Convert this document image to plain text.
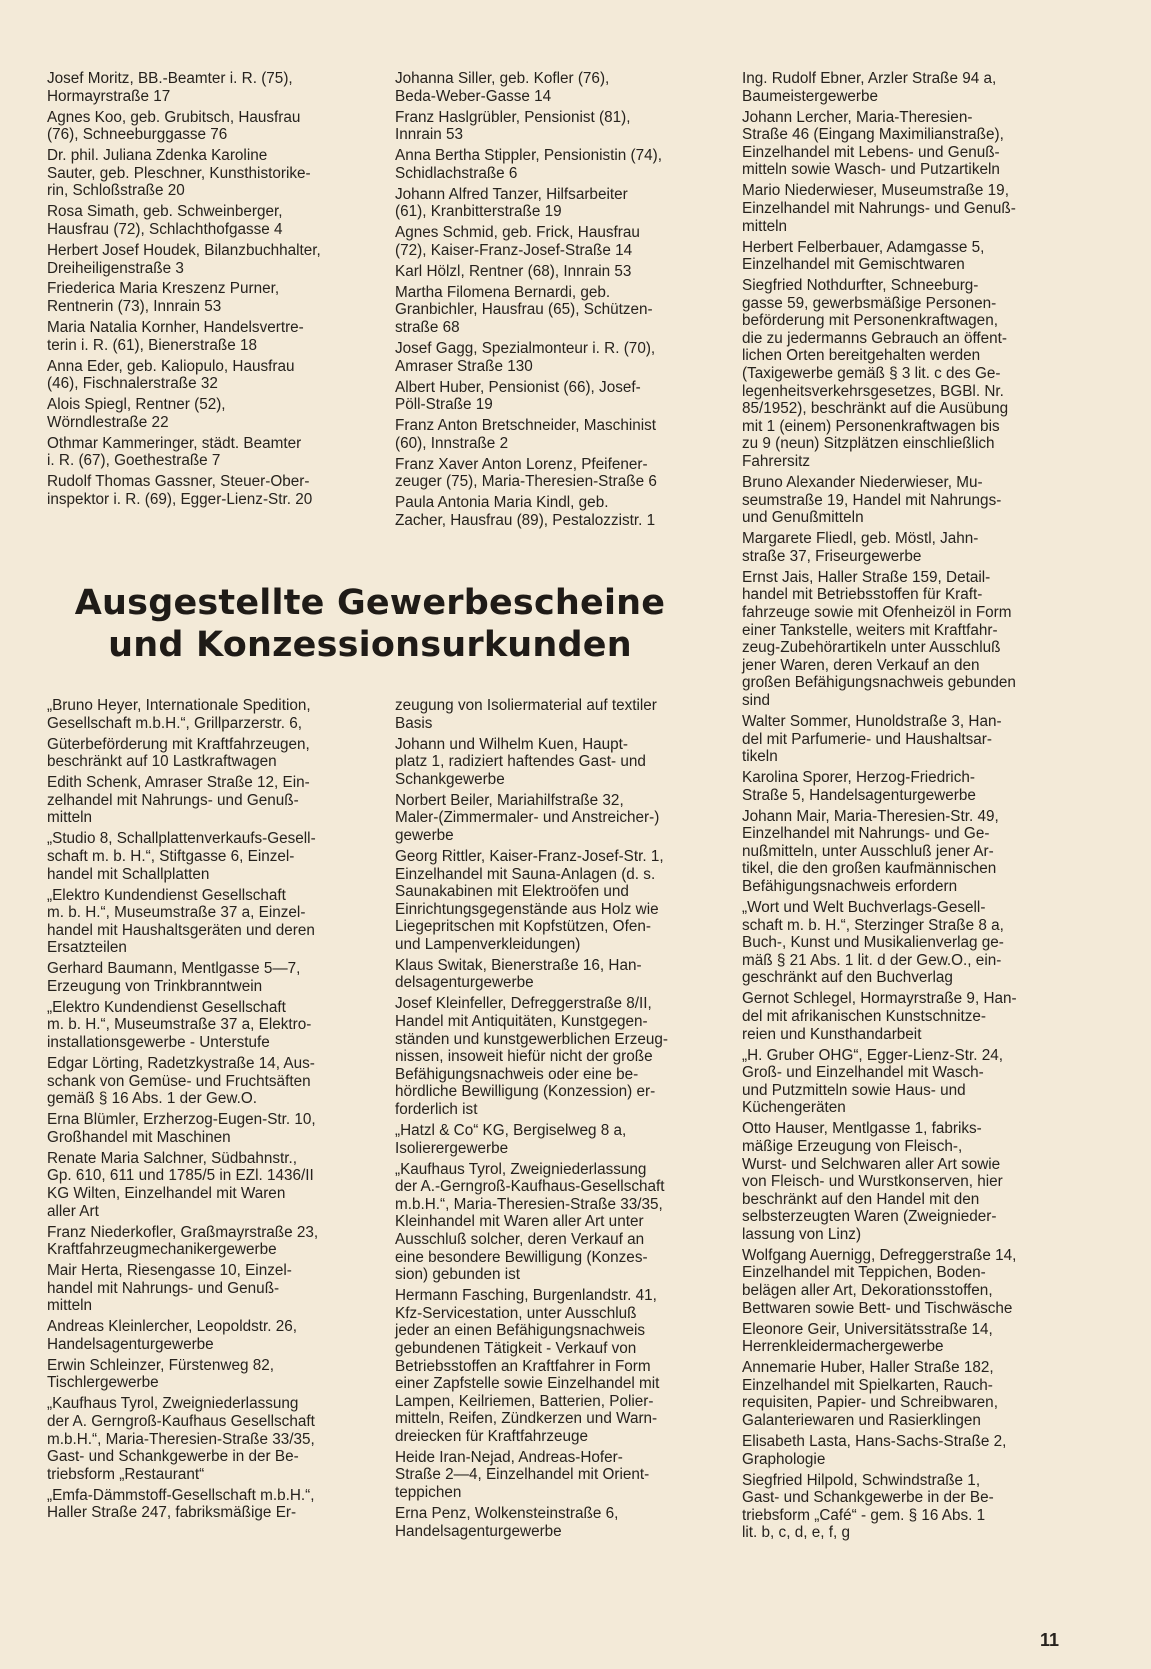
Josef Moritz, BB.-Beamter i. R. (75),
Hormayrstraße 17

Agnes Koo, geb. Grubitsch, Hausfrau
(76), Schneeburggasse 76

Dr. phil. Juliana Zdenka Karoline
Sauter, geb. Pleschner, Kunsthistorike-
rin, Schloßstraße 20

Rosa Simath, geb. Schweinberger,
Hausfrau (72), Schlachthofgasse 4

Herbert Josef Houdek, Bilanzbuchhalter,
Dreiheiligenstraße 3

Friederica Maria Kreszenz Purner,
Rentnerin (73), Innrain 53

Maria Natalia Kornher, Handelsvertre-
terin i. R. (61), Bienerstraße 18

Anna Eder, geb. Kaliopulo, Hausfrau
(46), Fischnalerstraße 32

Alois Spiegl, Rentner (52),
Wörndlestraße 22

Othmar Kammeringer, städt. Beamter
i. R. (67), Goethestraße 7

Rudolf Thomas Gassner, Steuer-Ober-
inspektor i. R. (69), Egger-Lienz-Str. 20

Johanna Siller, geb. Kofler (76),
Beda-Weber-Gasse 14

Franz Haslgrübler, Pensionist (81),
Innrain 53

Anna Bertha Stippler, Pensionistin (74),
Schidlachstraße 6

Johann Alfred Tanzer, Hilfsarbeiter
(61), Kranbitterstraße 19

Agnes Schmid, geb. Frick, Hausfrau
(72), Kaiser-Franz-Josef-Straße 14

Karl Hölzl, Rentner (68), Innrain 53

Martha Filomena Bernardi, geb.
Granbichler, Hausfrau (65), Schützen-
straße 68

Josef Gagg, Spezialmonteur i. R. (70),
Amraser Straße 130

Albert Huber, Pensionist (66), Josef-
Pöll-Straße 19

Franz Anton Bretschneider, Maschinist
(60), Innstraße 2

Franz Xaver Anton Lorenz, Pfeifener-
zeuger (75), Maria-Theresien-Straße 6

Paula Antonia Maria Kindl, geb.
Zacher, Hausfrau (89), Pestalozzistr. 1

Ing. Rudolf Ebner, Arzler Straße 94 a,
Baumeistergewerbe

Johann Lercher, Maria-Theresien-
Straße 46 (Eingang Maximilianstraße),
Einzelhandel mit Lebens- und Genuß-
mitteln sowie Wasch- und Putzartikeln

Mario Niederwieser, Museumstraße 19,
Einzelhandel mit Nahrungs- und Genuß-
mitteln

Herbert Felberbauer, Adamgasse 5,
Einzelhandel mit Gemischtwaren

Siegfried Nothdurfter, Schneeburg-
gasse 59, gewerbsmäßige Personen-
beförderung mit Personenkraftwagen,
die zu jedermanns Gebrauch an öffent-
lichen Orten bereitgehalten werden
(Taxigewerbe gemäß § 3 lit. c des Ge-
legenheitsverkehrsgesetzes, BGBl. Nr.
85/1952), beschränkt auf die Ausübung
mit 1 (einem) Personenkraftwagen bis
zu 9 (neun) Sitzplätzen einschließlich
Fahrersitz

Bruno Alexander Niederwieser, Mu-
seumstraße 19, Handel mit Nahrungs-
und Genußmitteln

Margarete Fliedl, geb. Möstl, Jahn-
straße 37, Friseurgewerbe

Ernst Jais, Haller Straße 159, Detail-
handel mit Betriebsstoffen für Kraft-
fahrzeuge sowie mit Ofenheizöl in Form
einer Tankstelle, weiters mit Kraftfahr-
zeug-Zubehörartikeln unter Ausschluß
jener Waren, deren Verkauf an den
großen Befähigungsnachweis gebunden
sind

Walter Sommer, Hunoldstraße 3, Han-
del mit Parfumerie- und Haushaltsar-
tikeln

Karolina Sporer, Herzog-Friedrich-
Straße 5, Handelsagenturgewerbe

Johann Mair, Maria-Theresien-Str. 49,
Einzelhandel mit Nahrungs- und Ge-
nußmitteln, unter Ausschluß jener Ar-
tikel, die den großen kaufmännischen
Befähigungsnachweis erfordern

„Wort und Welt Buchverlags-Gesell-
schaft m. b. H.“, Sterzinger Straße 8 a,
Buch-, Kunst und Musikalienverlag ge-
mäß § 21 Abs. 1 lit. d der Gew.O., ein-
geschränkt auf den Buchverlag

Gernot Schlegel, Hormayrstraße 9, Han-
del mit afrikanischen Kunstschnitze-
reien und Kunsthandarbeit

„H. Gruber OHG“, Egger-Lienz-Str. 24,
Groß- und Einzelhandel mit Wasch-
und Putzmitteln sowie Haus- und
Küchengeräten

Otto Hauser, Mentlgasse 1, fabriks-
mäßige Erzeugung von Fleisch-,
Wurst- und Selchwaren aller Art sowie
von Fleisch- und Wurstkonserven, hier
beschränkt auf den Handel mit den
selbsterzeugten Waren (Zweignieder-
lassung von Linz)

Wolfgang Auernigg, Defreggerstraße 14,
Einzelhandel mit Teppichen, Boden-
belägen aller Art, Dekorationsstoffen,
Bettwaren sowie Bett- und Tischwäsche

Eleonore Geir, Universitätsstraße 14,
Herrenkleidermachergewerbe

Annemarie Huber, Haller Straße 182,
Einzelhandel mit Spielkarten, Rauch-
requisiten, Papier- und Schreibwaren,
Galanteriewaren und Rasierklingen

Elisabeth Lasta, Hans-Sachs-Straße 2,
Graphologie

Siegfried Hilpold, Schwindstraße 1,
Gast- und Schankgewerbe in der Be-
triebsform „Café“ - gem. § 16 Abs. 1
lit. b, c, d, e, f, g

Ausgestellte Gewerbescheine
und Konzessionsurkunden

„Bruno Heyer, Internationale Spedition,
Gesellschaft m.b.H.“, Grillparzerstr. 6,

Güterbeförderung mit Kraftfahrzeugen,
beschränkt auf 10 Lastkraftwagen

Edith Schenk, Amraser Straße 12, Ein-
zelhandel mit Nahrungs- und Genuß-
mitteln

„Studio 8, Schallplattenverkaufs-Gesell-
schaft m. b. H.“, Stiftgasse 6, Einzel-
handel mit Schallplatten

„Elektro Kundendienst Gesellschaft
m. b. H.“, Museumstraße 37 a, Einzel-
handel mit Haushaltsgeräten und deren
Ersatzteilen

Gerhard Baumann, Mentlgasse 5—7,
Erzeugung von Trinkbranntwein

„Elektro Kundendienst Gesellschaft
m. b. H.“, Museumstraße 37 a, Elektro-
installationsgewerbe - Unterstufe

Edgar Lörting, Radetzkystraße 14, Aus-
schank von Gemüse- und Fruchtsäften
gemäß § 16 Abs. 1 der Gew.O.

Erna Blümler, Erzherzog-Eugen-Str. 10,
Großhandel mit Maschinen

Renate Maria Salchner, Südbahnstr.,
Gp. 610, 611 und 1785/5 in EZl. 1436/II
KG Wilten, Einzelhandel mit Waren
aller Art

Franz Niederkofler, Graßmayrstraße 23,
Kraftfahrzeugmechanikergewerbe

Mair Herta, Riesengasse 10, Einzel-
handel mit Nahrungs- und Genuß-
mitteln

Andreas Kleinlercher, Leopoldstr. 26,
Handelsagenturgewerbe

Erwin Schleinzer, Fürstenweg 82,
Tischlergewerbe

„Kaufhaus Tyrol, Zweigniederlassung
der A. Gerngroß-Kaufhaus Gesellschaft
m.b.H.“, Maria-Theresien-Straße 33/35,
Gast- und Schankgewerbe in der Be-
triebsform „Restaurant“

„Emfa-Dämmstoff-Gesellschaft m.b.H.“,
Haller Straße 247, fabriksmäßige Er-

zeugung von Isoliermaterial auf textiler
Basis

Johann und Wilhelm Kuen, Haupt-
platz 1, radiziert haftendes Gast- und
Schankgewerbe

Norbert Beiler, Mariahilfstraße 32,
Maler-(Zimmermaler- und Anstreicher-)
gewerbe

Georg Rittler, Kaiser-Franz-Josef-Str. 1,
Einzelhandel mit Sauna-Anlagen (d. s.
Saunakabinen mit Elektroöfen und
Einrichtungsgegenstände aus Holz wie
Liegepritschen mit Kopfstützen, Ofen-
und Lampenverkleidungen)

Klaus Switak, Bienerstraße 16, Han-
delsagenturgewerbe

Josef Kleinfeller, Defreggerstraße 8/II,
Handel mit Antiquitäten, Kunstgegen-
ständen und kunstgewerblichen Erzeug-
nissen, insoweit hiefür nicht der große
Befähigungsnachweis oder eine be-
hördliche Bewilligung (Konzession) er-
forderlich ist

„Hatzl & Co“ KG, Bergiselweg 8 a,
Isolierergewerbe

„Kaufhaus Tyrol, Zweigniederlassung
der A.-Gerngroß-Kaufhaus-Gesellschaft
m.b.H.“, Maria-Theresien-Straße 33/35,
Kleinhandel mit Waren aller Art unter
Ausschluß solcher, deren Verkauf an
eine besondere Bewilligung (Konzes-
sion) gebunden ist

Hermann Fasching, Burgenlandstr. 41,
Kfz-Servicestation, unter Ausschluß
jeder an einen Befähigungsnachweis
gebundenen Tätigkeit - Verkauf von
Betriebsstoffen an Kraftfahrer in Form
einer Zapfstelle sowie Einzelhandel mit
Lampen, Keilriemen, Batterien, Polier-
mitteln, Reifen, Zündkerzen und Warn-
dreiecken für Kraftfahrzeuge

Heide Iran-Nejad, Andreas-Hofer-
Straße 2—4, Einzelhandel mit Orient-
teppichen

Erna Penz, Wolkensteinstraße 6,
Handelsagenturgewerbe

11
